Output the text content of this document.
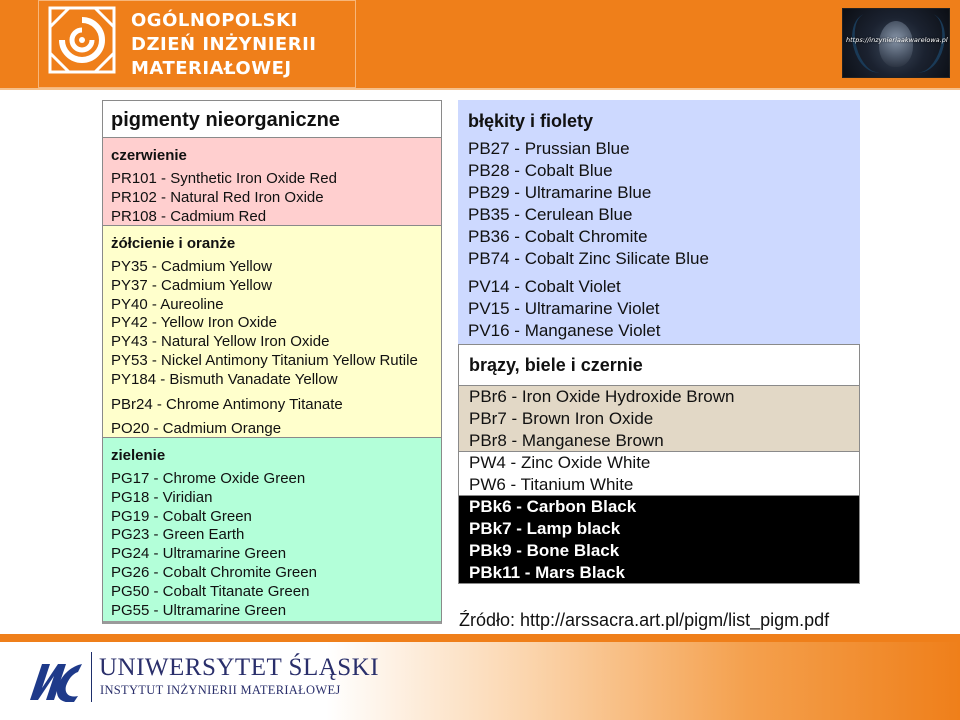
OGÓLNOPOLSKI
DZIEŃ INŻYNIERII
MATERIAŁOWEJ
https://inzynieriaakwarelowa.pl
pigmenty nieorganiczne
czerwienie
PR101 - Synthetic Iron Oxide Red
PR102 - Natural Red Iron Oxide
PR108 - Cadmium Red
żółcienie i oranże
PY35 - Cadmium Yellow
PY37 - Cadmium Yellow
PY40 - Aureoline
PY42 - Yellow Iron Oxide
PY43 - Natural Yellow Iron Oxide
PY53 - Nickel Antimony Titanium Yellow Rutile
PY184 - Bismuth Vanadate Yellow
PBr24 - Chrome Antimony Titanate
PO20 - Cadmium Orange
zielenie
PG17 - Chrome Oxide Green
PG18 - Viridian
PG19 - Cobalt Green
PG23 - Green Earth
PG24 - Ultramarine Green
PG26 - Cobalt Chromite Green
PG50 - Cobalt Titanate Green
PG55 - Ultramarine Green
błękity i fiolety
PB27 - Prussian Blue
PB28 - Cobalt Blue
PB29 - Ultramarine Blue
PB35 - Cerulean Blue
PB36 - Cobalt Chromite
PB74 - Cobalt Zinc Silicate Blue
PV14 - Cobalt Violet
PV15 - Ultramarine Violet
PV16 - Manganese Violet
brązy, biele i czernie
PBr6 - Iron Oxide Hydroxide Brown
PBr7 - Brown Iron Oxide
PBr8 - Manganese Brown
PW4 - Zinc Oxide White
PW6 - Titanium White
PBk6 - Carbon Black
PBk7 - Lamp black
PBk9 - Bone Black
PBk11 - Mars Black
Źródło: http://arssacra.art.pl/pigm/list_pigm.pdf
UNIWERSYTET ŚLĄSKI
INSTYTUT INŻYNIERII MATERIAŁOWEJ
